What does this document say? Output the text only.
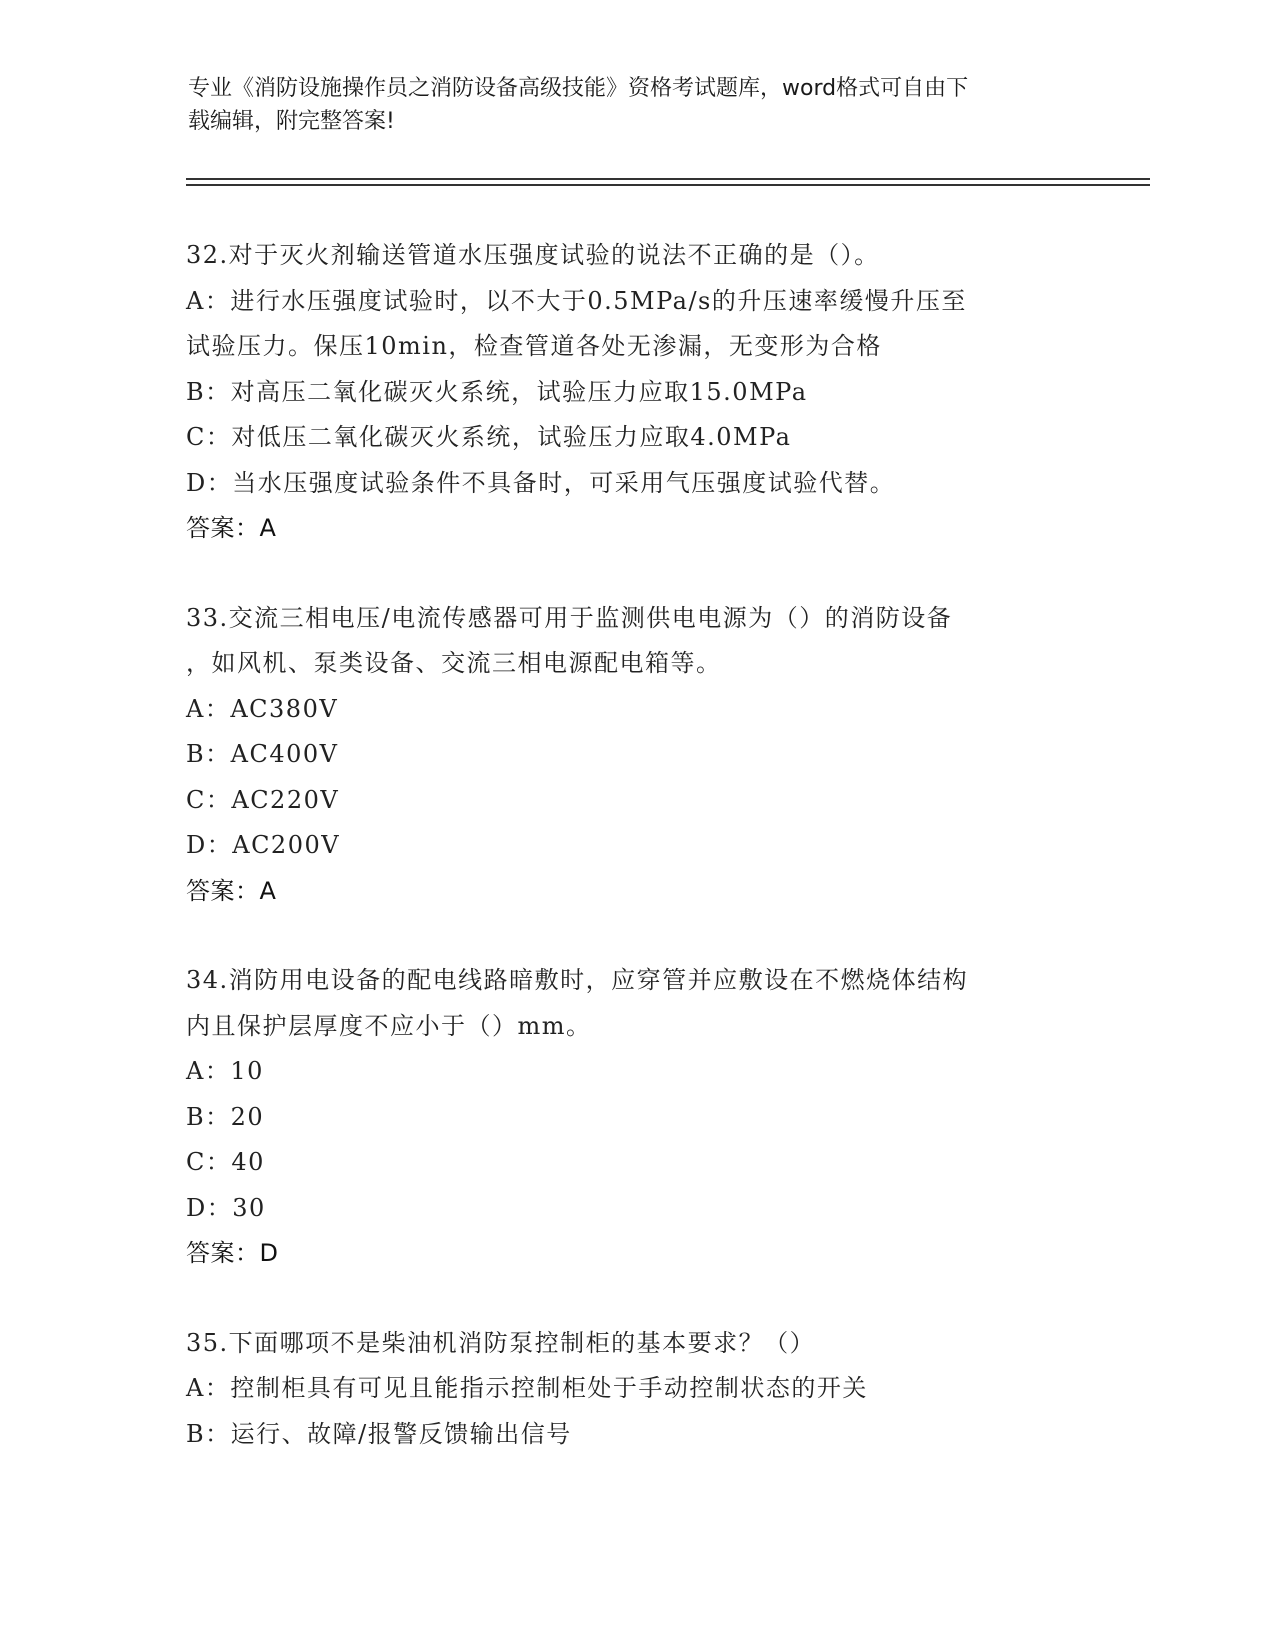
专业《消防设施操作员之消防设备高级技能》资格考试题库，word格式可自由下
载编辑，附完整答案!
32.对于灭火剂输送管道水压强度试验的说法不正确的是（）。
A：进行水压强度试验时，以不大于0.5MPa/s的升压速率缓慢升压至
试验压力。保压10min，检查管道各处无渗漏，无变形为合格
B：对高压二氧化碳灭火系统，试验压力应取15.0MPa
C：对低压二氧化碳灭火系统，试验压力应取4.0MPa
D：当水压强度试验条件不具备时，可采用气压强度试验代替。
答案：A
33.交流三相电压/电流传感器可用于监测供电电源为（）的消防设备
，如风机、泵类设备、交流三相电源配电箱等。
A：AC380V
B：AC400V
C：AC220V
D：AC200V
答案：A
34.消防用电设备的配电线路暗敷时，应穿管并应敷设在不燃烧体结构
内且保护层厚度不应小于（）mm。
A：10
B：20
C：40
D：30
答案：D
35.下面哪项不是柴油机消防泵控制柜的基本要求？（）
A：控制柜具有可见且能指示控制柜处于手动控制状态的开关
B：运行、故障/报警反馈输出信号
